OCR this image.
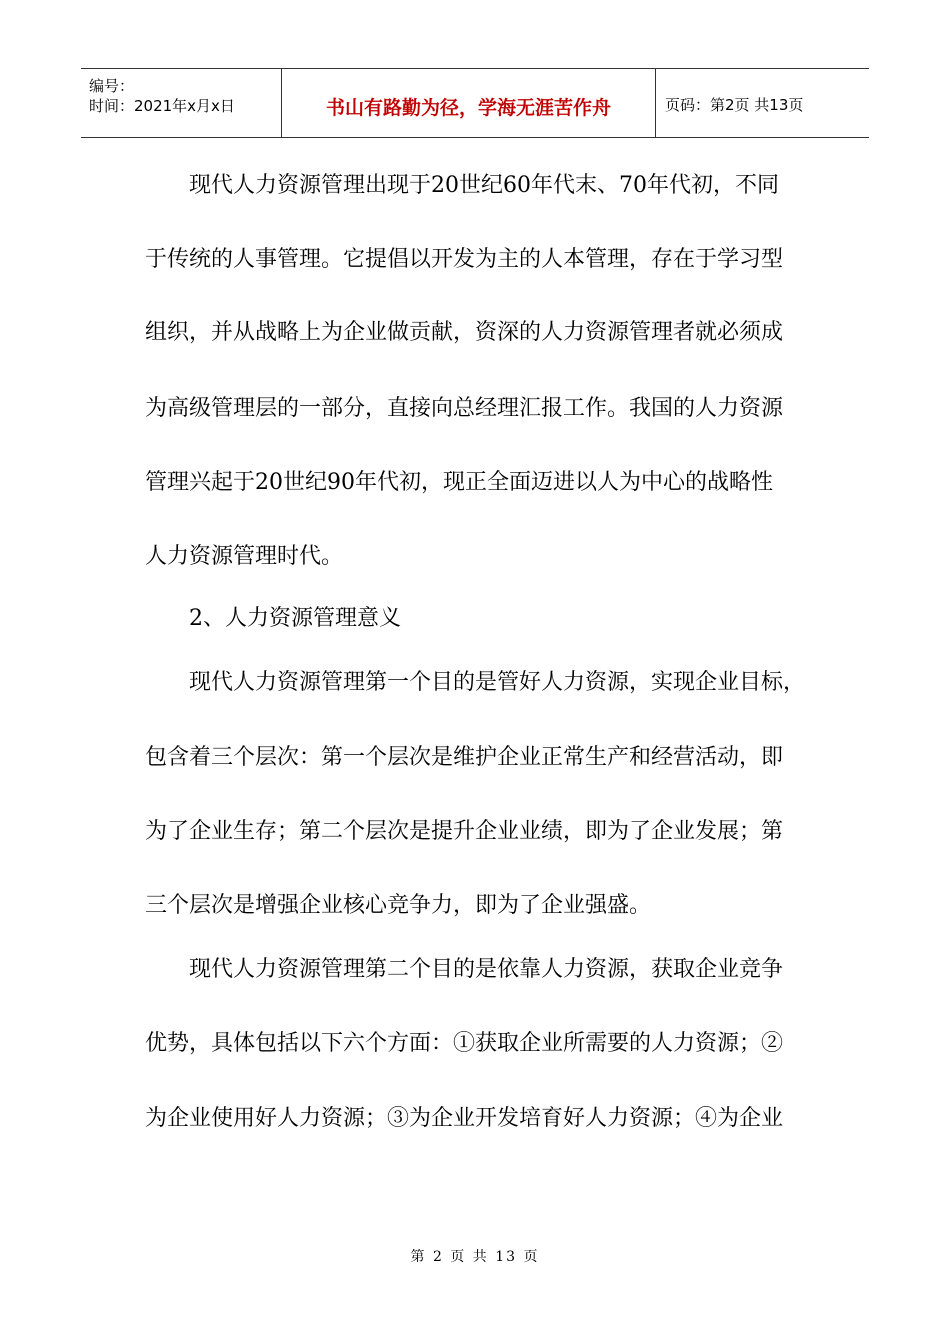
编号：
时间：2021年x月x日	书山有路勤为径，学海无涯苦作舟	页码：第2页 共13页
　　现代人力资源管理出现于20世纪60年代末、70年代初，不同
于传统的人事管理。它提倡以开发为主的人本管理，存在于学习型
组织，并从战略上为企业做贡献，资深的人力资源管理者就必须成
为高级管理层的一部分，直接向总经理汇报工作。我国的人力资源
管理兴起于20世纪90年代初，现正全面迈进以人为中心的战略性
人力资源管理时代。
　　2、人力资源管理意义
　　现代人力资源管理第一个目的是管好人力资源，实现企业目标，
包含着三个层次：第一个层次是维护企业正常生产和经营活动，即
为了企业生存；第二个层次是提升企业业绩，即为了企业发展；第
三个层次是增强企业核心竞争力，即为了企业强盛。
　　现代人力资源管理第二个目的是依靠人力资源，获取企业竞争
优势，具体包括以下六个方面：①获取企业所需要的人力资源；②
为企业使用好人力资源；③为企业开发培育好人力资源；④为企业
第 2 页 共 13 页
